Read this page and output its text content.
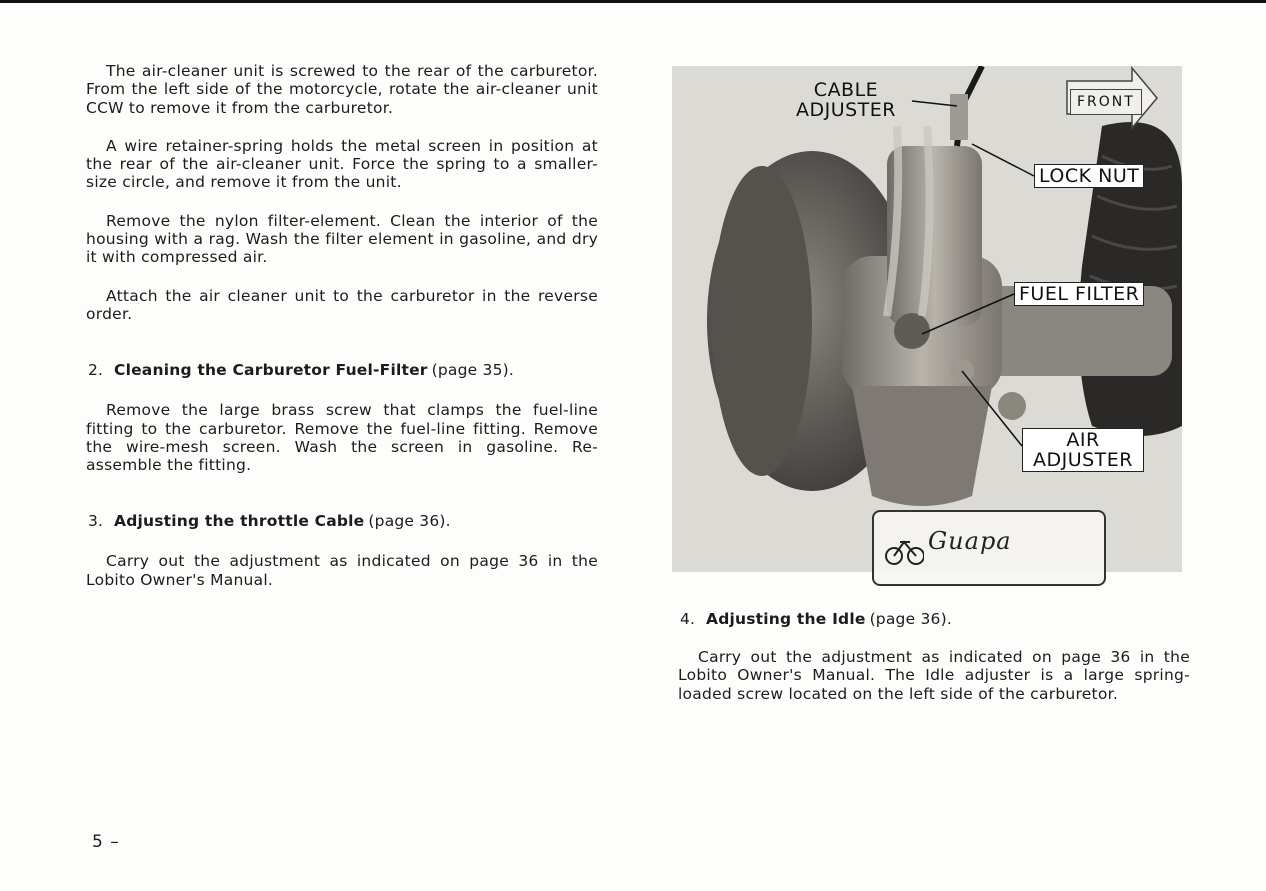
The air-cleaner unit is screwed to the rear of the carburetor. From the left side of the motorcycle, rotate the air-cleaner unit CCW to remove it from the carburetor.

A wire retainer-spring holds the metal screen in position at the rear of the air-cleaner unit. Force the spring to a smaller-size circle, and remove it from the unit.

Remove the nylon filter-element. Clean the interior of the housing with a rag. Wash the filter element in gasoline, and dry it with compressed air.

Attach the air cleaner unit to the carburetor in the reverse order.

2. Cleaning the Carburetor Fuel-Filter (page 35).

Remove the large brass screw that clamps the fuel-line fitting to the carburetor. Remove the fuel-line fitting. Remove the wire-mesh screen. Wash the screen in gasoline. Re-assemble the fitting.

3. Adjusting the throttle Cable (page 36).

Carry out the adjustment as indicated on page 36 in the Lobito Owner's Manual.

CABLE
ADJUSTER	FRONT
LOCK NUT
FUEL FILTER
AIR
ADJUSTER
Guapa
4. Adjusting the Idle (page 36).

Carry out the adjustment as indicated on page 36 in the Lobito Owner's Manual. The Idle adjuster is a large spring-loaded screw located on the left side of the carburetor.

5 –
